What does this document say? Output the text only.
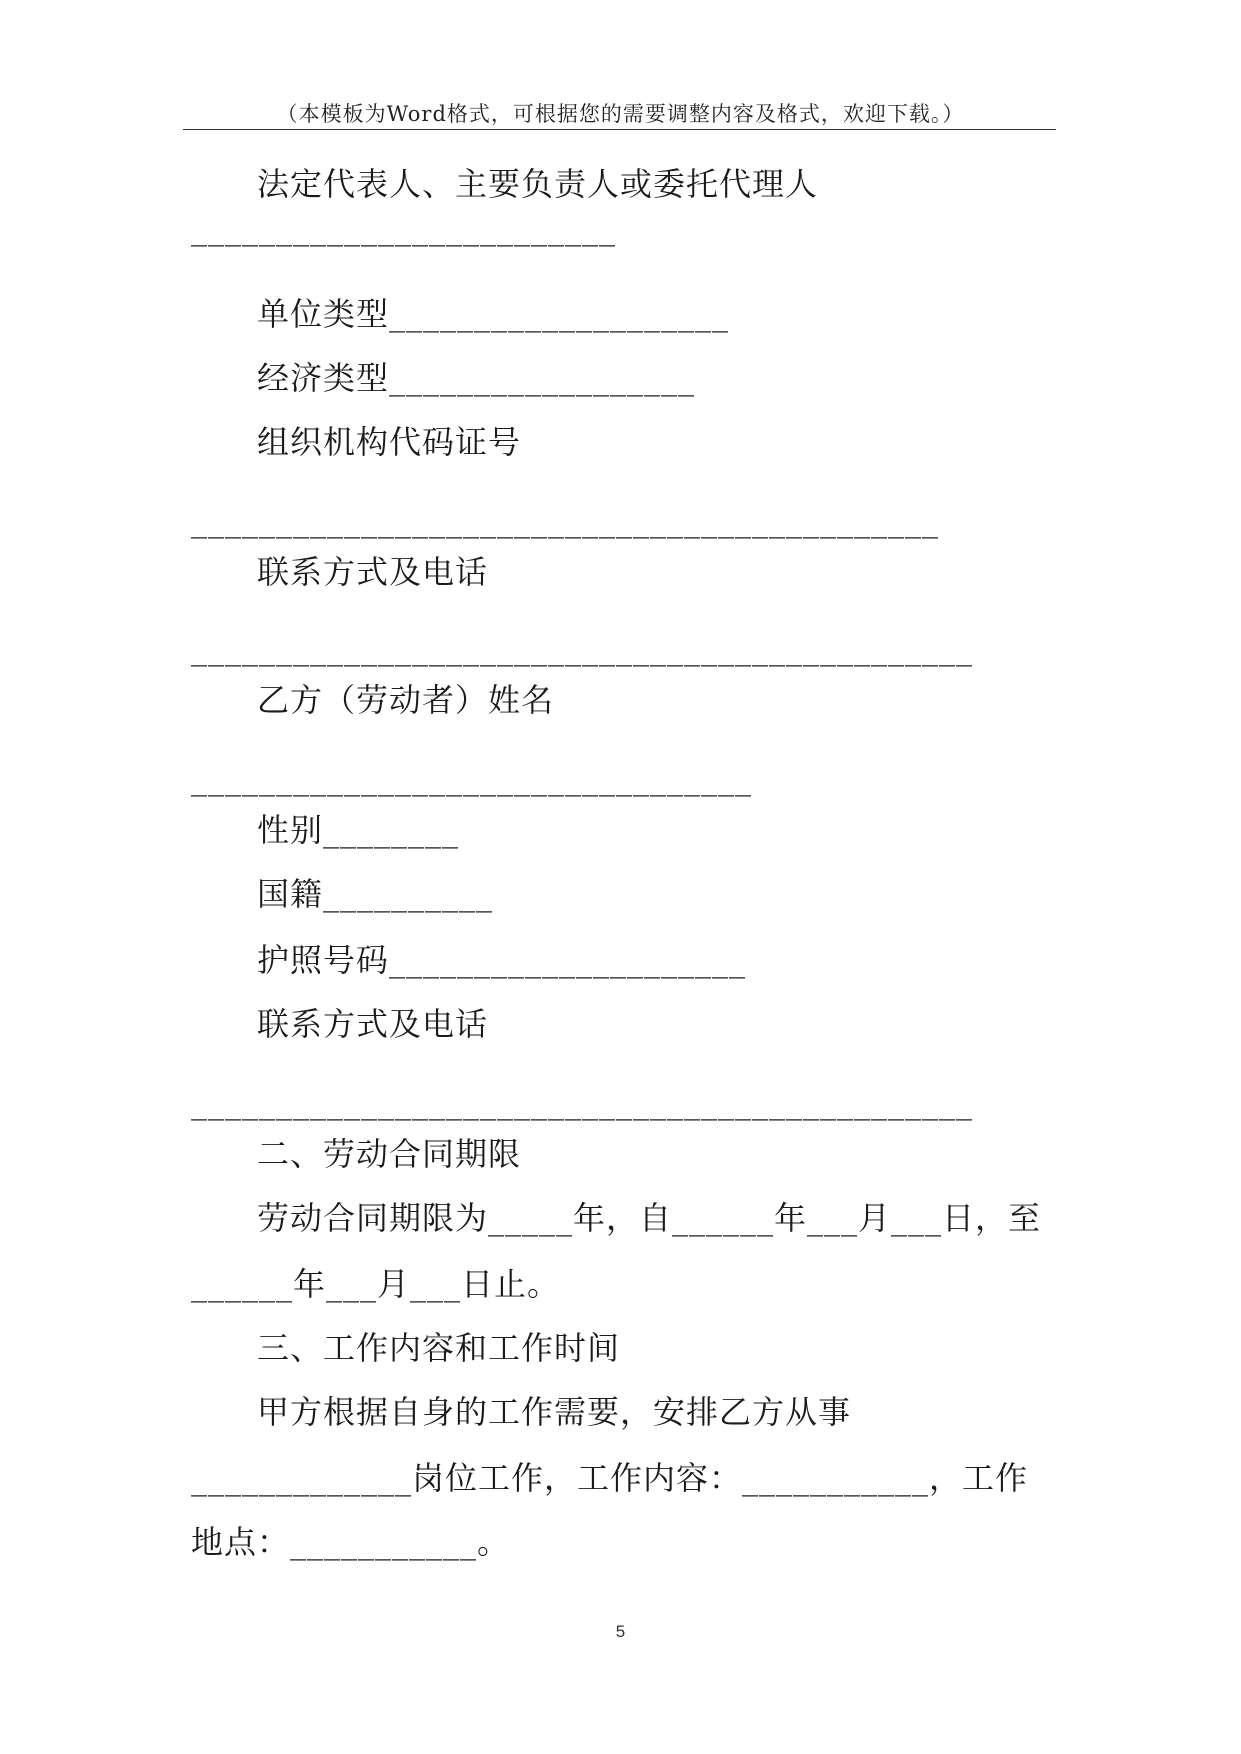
（本模板为Word格式，可根据您的需要调整内容及格式，欢迎下载。）
法定代表人、主要负责人或委托代理人
_________________________
单位类型____________________
经济类型__________________
组织机构代码证号
____________________________________________
联系方式及电话
______________________________________________
乙方（劳动者）姓名
_________________________________
性别________
国籍__________
护照号码_____________________
联系方式及电话
______________________________________________
二、劳动合同期限
劳动合同期限为_____年，自______年___月___日，至
______年___月___日止。
三、工作内容和工作时间
甲方根据自身的工作需要，安排乙方从事
_____________岗位工作，工作内容：___________，工作
地点：___________。
5
